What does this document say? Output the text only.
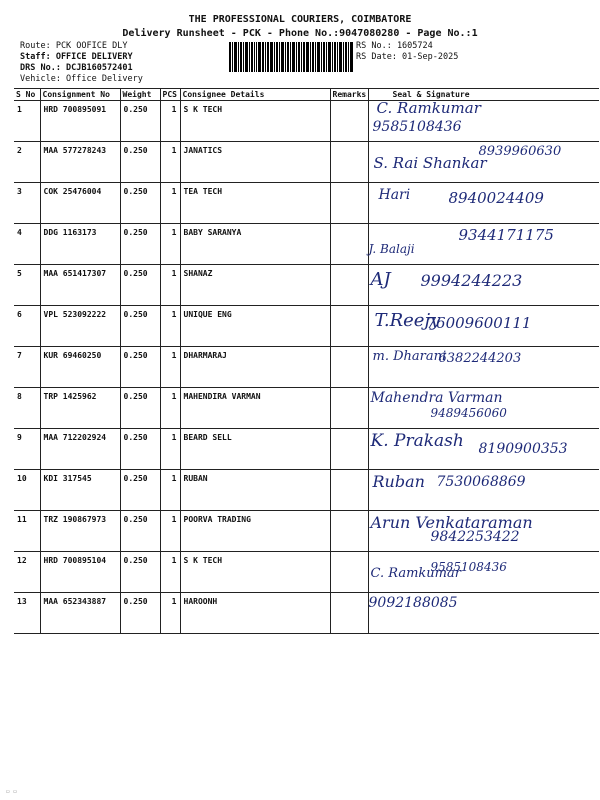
THE PROFESSIONAL COURIERS, COIMBATORE
Delivery Runsheet - PCK - Phone No.:9047080280 - Page No.:1
Route: PCK OOFICE DLY
Staff: OFFICE DELIVERY
DRS No.: DCJB160572401
Vehicle: Office Delivery
RS No.: 1605724
RS Date: 01-Sep-2025
S No	Consignment No	Weight	PCS	Consignee Details	Remarks	Seal & Signature
1	HRD 700895091	0.250	1	S K TECH		C. Ramkumar
9585108436

2	MAA 577278243	0.250	1	JANATICS		S. Rai Shankar
8939960630

3	COK 25476004	0.250	1	TEA TECH		Hari 8940024409

4	DDG 1163173	0.250	1	BABY SARANYA		J. Balaji
9344171175

5	MAA 651417307	0.250	1	SHANAZ		AJ 9994244223

6	VPL 523092222	0.250	1	UNIQUE ENG		T.Reejy
76009600111

7	KUR 69460250	0.250	1	DHARMARAJ		m. Dharani
6382244203

8	TRP 1425962	0.250	1	MAHENDIRA VARMAN		Mahendra Varman
9489456060

9	MAA 712202924	0.250	1	BEARD SELL		K. Prakash 8190900353

10	KDI 317545	0.250	1	RUBAN		Ruban 7530068869

11	TRZ 190867973	0.250	1	POORVA TRADING		Arun Venkataraman
9842253422

12	HRD 700895104	0.250	1	S K TECH		C. Ramkumar
9585108436

13	MAA 652343887	0.250	1	HAROONH		9092188085
▭ ▭
